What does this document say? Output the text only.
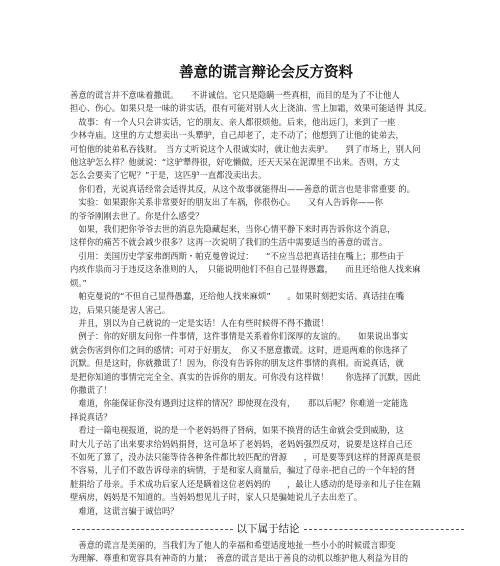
善意的谎言辩论会反方资料

善意的谎言并不意味着撒谎。　　不讲诚信。它只是隐瞒一些真相，而目的是为了不让他人

担心、伤心。如果只是一味的讲实话，很有可能对别人火上浇油、雪上加霜，效果可能适得 其反。

　故事：有一个人只会讲实话，它的朋友、亲人都很烦他。后来，他出远门，来到了一座

少林寺庙。这里的方丈想卖出一头犟驴，自己却老了，走不动了；他想到了让他的徒弟去，

可怕他的徒弟私吞钱财。　当方丈听说这个人很诚实时，就让他去卖驴。　　到了市场上，别人问

他这驴怎么样？他就说：“这驴犟得很，好吃懒做，还天天呆在泥潭里不出来。否则，方丈

怎么会要卖了它呢？”于是，这匹驴一直都没卖出去。

　你们看，光说真话经常会适得其反，从这个故事就能得出——善意的谎言也是非常重要 的。

　实验：如果跟你关系非常要好的朋友出了车祸，你很伤心。　　又有人告诉你——你

的爷爷刚刚去世了。你是什么感受？

　如果，我们把你爷爷去世的消息先隐藏起来，当你心情平静下来时再告诉你这个消息，

这样你的痛苦不就会减少很多？这再一次说明了我们的生活中需要适当的善意的谎言。

　引用：美国历史学家弗朗西斯・帕克曼曾说过：　　“不应当总把真话挂在嘴上；那些由于

内疚作祟而习于违反这条准则的人，　只能说明他们不但自己显得愚蠢，　　而且还给他人找来麻

烦。”

　帕克曼说的“不但自己显得愚蠢，还给他人找来麻烦”　　。如果时刻把实话、真话挂在嘴

边，后果只能是害人害己。

　并且，别以为自己就说的一定是实话！人在有些时候得不得不撒谎！

　例子：你的好朋友问你一件事情，这件事情是关系着你们深厚的友谊的。　　如果说出事实

就会伤害到你们之间的感情；可对于好朋友，　你又不愿意撒谎。这时，进退两难的你选择了

沉默。但是这时，你就撒谎了！因为，你没有告诉你的朋友这件事情的真相。而说真话，就

是把你知道的事情完完全全、真实的告诉你的朋友。可你没有这样做！　　你选择了沉默，因此

你撒谎了！

　难道，你能保证你没有遇到过这样的情况？即使现在没有，　　那以后呢？你难道一定能选

择说真话？

　看过一篇电视报道，说的是一个老妈妈得了肾病，如果不换肾的话生命就会受到威胁，这

时大儿子站了出来要求给妈妈捐肾，这可急坏了老妈妈，老妈妈强烈反对，说要是这样自己还

不如死了算了，没办法只能等待各种条件都比较匹配的肾源　　，可是要等到这样的肾源真是很

不容易，儿子们不敢告诉母亲的病情，于是和家人商量后，骗过了母亲-把自己的一个年轻的肾

脏捐给了母亲。手术成功后家人还是瞒着这位老妈妈的　　，最让人感动的是母亲和儿子住在隔

壁病房，妈妈是不知道的。当妈妈想见儿子时，家人只是骗她说儿子去出差了。

　难道，这谎言骗于诚信吗？

以下属于结论

　善意的谎言是美丽的，当我们为了他人的幸福和希望适度地扯一些小小的时候谎言即变

为理解、尊重和宽容具有神奇的力量；　善意的谎言是出于善良的动机以维护他人利益为目的
